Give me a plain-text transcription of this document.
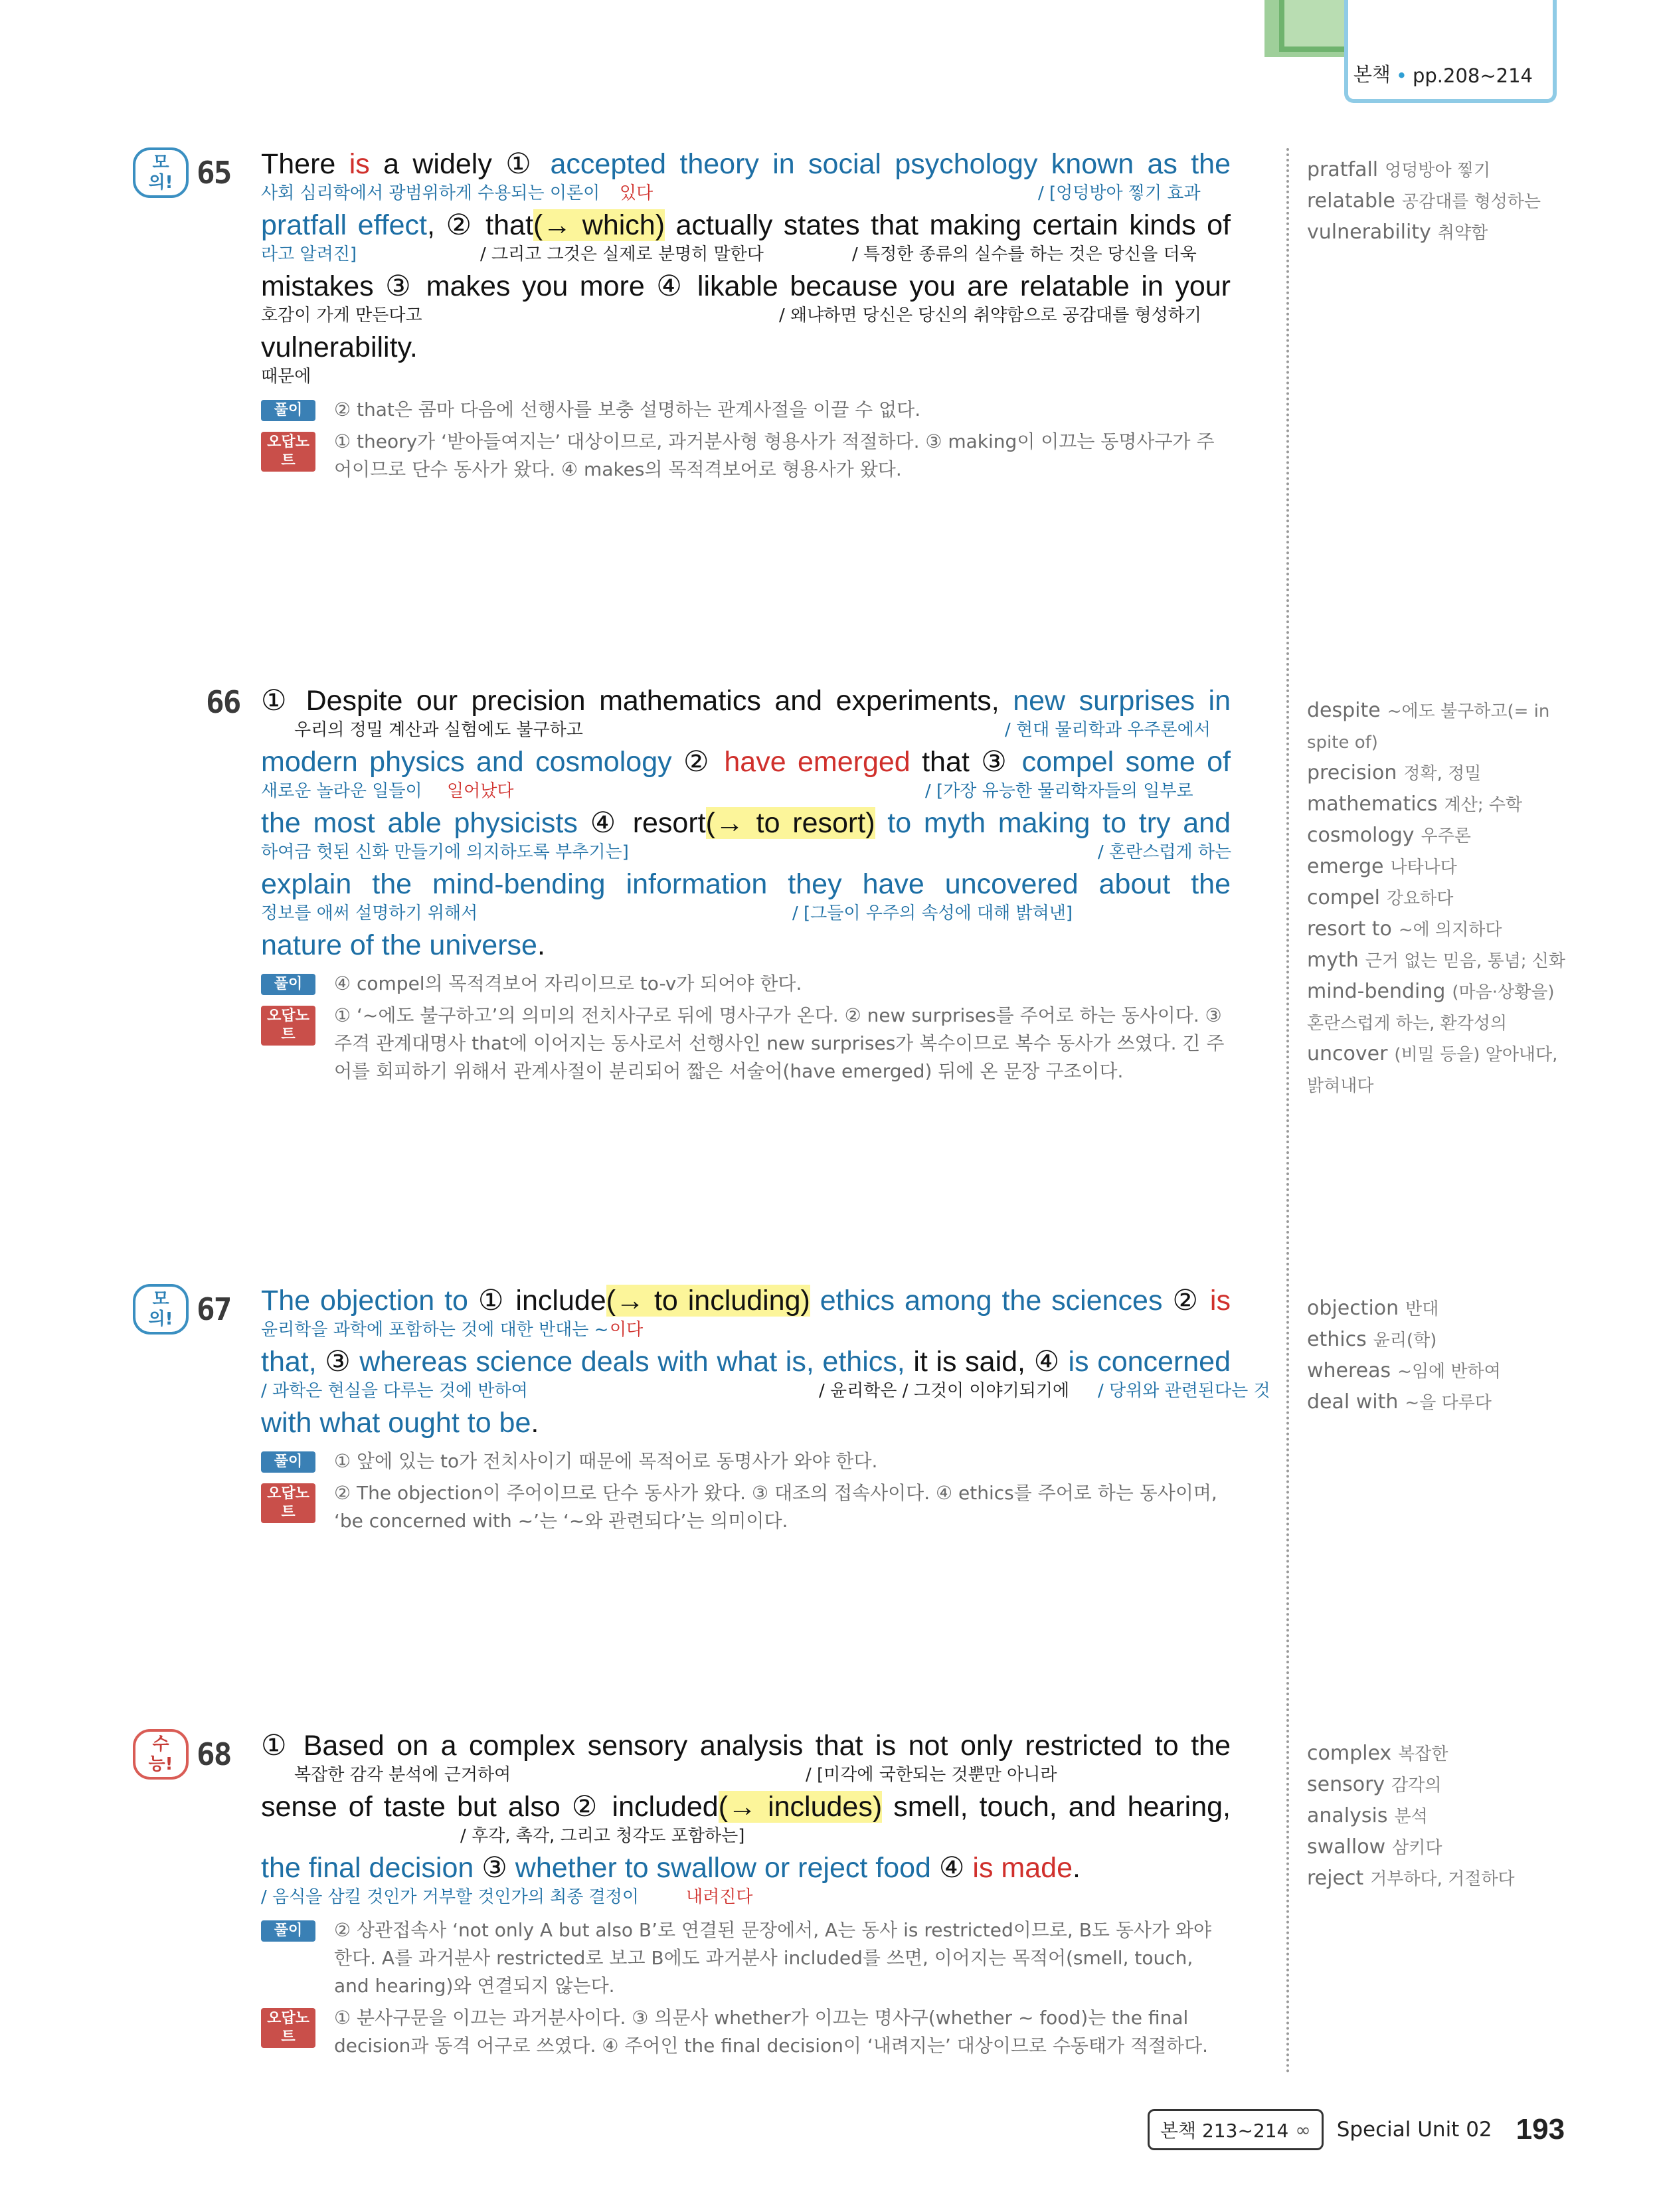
본책 • pp.208~214
모의! 65 There is a widely ① accepted theory in social psychology known as the
사회 심리학에서 광범위하게 수용되는 이론이 있다	/ [엉덩방아 찧기 효과
pratfall effect, ② that(→ which) actually states that making certain kinds of
라고 알려진]	/ 그리고 그것은 실제로 분명히 말한다	/ 특정한 종류의 실수를 하는 것은 당신을 더욱
mistakes ③ makes you more ④ likable because you are relatable in your
호감이 가게 만든다고	/ 왜냐하면 당신은 당신의 취약함으로 공감대를 형성하기
vulnerability.
때문에
풀이	② that은 콤마 다음에 선행사를 보충 설명하는 관계사절을 이끌 수 없다.
오답노트
① theory가 ‘받아들여지는’ 대상이므로, 과거분사형 형용사가 적절하다. ③ making이 이끄는 동명사구가 주어이므로 단수 동사가 왔다. ④ makes의 목적격보어로 형용사가 왔다.
66 ① Despite our precision mathematics and experiments, new surprises in
우리의 정밀 계산과 실험에도 불구하고	/ 현대 물리학과 우주론에서
modern physics and cosmology ② have emerged that ③ compel some of
새로운 놀라운 일들이 일어났다	/ [가장 유능한 물리학자들의 일부로
the most able physicists ④ resort(→ to resort) to myth making to try and
하여금 헛된 신화 만들기에 의지하도록 부추기는]	/ 혼란스럽게 하는
explain the mind-bending information they have uncovered about the
정보를 애써 설명하기 위해서	/ [그들이 우주의 속성에 대해 밝혀낸]
nature of the universe.
풀이	④ compel의 목적격보어 자리이므로 to-v가 되어야 한다.
오답노트
① ‘~에도 불구하고’의 의미의 전치사구로 뒤에 명사구가 온다. ② new surprises를 주어로 하는 동사이다. ③ 주격 관계대명사 that에 이어지는 동사로서 선행사인 new surprises가 복수이므로 복수 동사가 쓰였다. 긴 주어를 회피하기 위해서 관계사절이 분리되어 짧은 서술어(have emerged) 뒤에 온 문장 구조이다.
모의! 67 The objection to ① include(→ to including) ethics among the sciences ② is
윤리학을 과학에 포함하는 것에 대한 반대는 ~ 이다
that, ③ whereas science deals with what is, ethics, it is said, ④ is concerned
/ 과학은 현실을 다루는 것에 반하여	/ 윤리학은 / 그것이 이야기되기에 / 당위와 관련된다는 것
with what ought to be.
풀이	① 앞에 있는 to가 전치사이기 때문에 목적어로 동명사가 와야 한다.
오답노트
② The objection이 주어이므로 단수 동사가 왔다. ③ 대조의 접속사이다. ④ ethics를 주어로 하는 동사이며, ‘be concerned with ~’는 ‘~와 관련되다’는 의미이다.
수능! 68 ① Based on a complex sensory analysis that is not only restricted to the
복잡한 감각 분석에 근거하여	/ [미각에 국한되는 것뿐만 아니라
sense of taste but also ② included(→ includes) smell, touch, and hearing,
/ 후각, 촉각, 그리고 청각도 포함하는]
the final decision ③ whether to swallow or reject food ④ is made.
/ 음식을 삼킬 것인가 거부할 것인가의 최종 결정이	내려진다
풀이	② 상관접속사 ‘not only A but also B’로 연결된 문장에서, A는 동사 is restricted이므로, B도 동사가 와야 한다. A를 과거분사 restricted로 보고 B에도 과거분사 included를 쓰면, 이어지는 목적어(smell, touch, and hearing)와 연결되지 않는다.
오답노트
① 분사구문을 이끄는 과거분사이다. ③ 의문사 whether가 이끄는 명사구(whether ~ food)는 the final decision과 동격 어구로 쓰였다. ④ 주어인 the final decision이 ‘내려지는’ 대상이므로 수동태가 적절하다.
pratfall 엉덩방아 찧기
relatable 공감대를 형성하는
vulnerability 취약함
despite ~에도 불구하고(= in spite of)
precision 정확, 정밀
mathematics 계산; 수학
cosmology 우주론
emerge 나타나다
compel 강요하다
resort to ~에 의지하다
myth 근거 없는 믿음, 통념; 신화
mind-bending (마음·상황을) 혼란스럽게 하는, 환각성의
uncover (비밀 등을) 알아내다, 밝혀내다
objection 반대
ethics 윤리(학)
whereas ~임에 반하여
deal with ~을 다루다
complex 복잡한
sensory 감각의
analysis 분석
swallow 삼키다
reject 거부하다, 거절하다
본책 213~214 ∞ Special Unit 02 193
